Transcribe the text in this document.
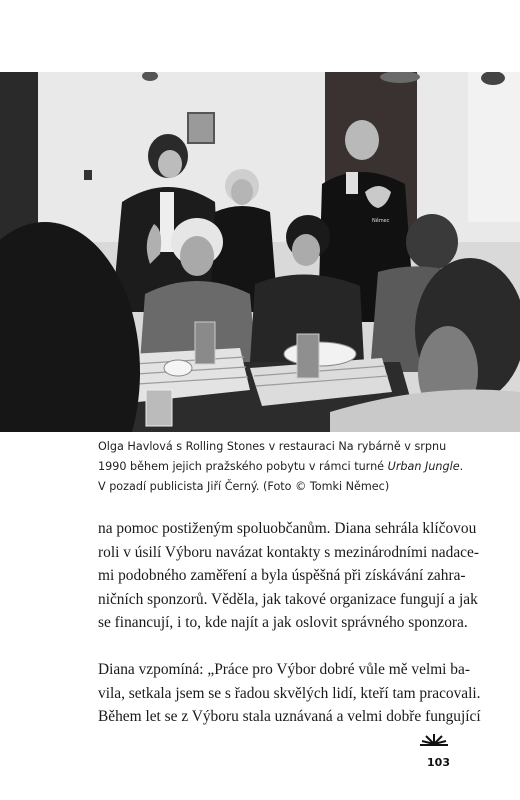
Němec
Olga Havlová s Rolling Stones v restauraci Na rybárně v srpnu
1990 během jejich pražského pobytu v rámci turné Urban Jungle.
V pozadí publicista Jiří Černý. (Foto © Tomki Němec)
na pomoc postiženým spoluobčanům. Diana sehrála klíčovou
roli v úsilí Výboru navázat kontakty s mezinárodními nadace-
mi podobného zaměření a byla úspěšná při získávání zahra-
ničních sponzorů. Věděla, jak takové organizace fungují a jak
se financují, i to, kde najít a jak oslovit správného sponzora.
Diana vzpomíná: „Práce pro Výbor dobré vůle mě velmi ba-
vila, setkala jsem se s řadou skvělých lidí, kteří tam pracovali.
Během let se z Výboru stala uznávaná a velmi dobře fungující
103
